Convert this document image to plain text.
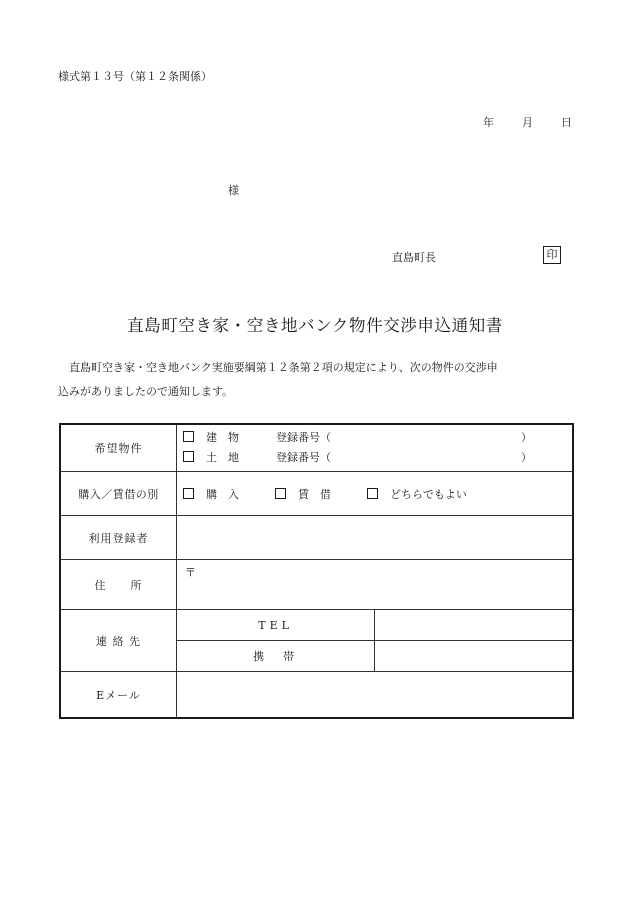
様式第１３号（第１２条関係）
年	月	日
様
直島町長	印
直島町空き家・空き地バンク物件交渉申込通知書
直島町空き家・空き地バンク実施要綱第１２条第２項の規定により、次の物件の交渉申
込みがありましたので通知します。
希望物件	建　物 登録番号（ ）
土　地 登録番号（ ）	

購入／賃借の別	購　入 賃　借 どちらでもよい	
利用登録者		
住　　所	〒	
連 絡 先	TEL	
	携　帯	
Eメール		
